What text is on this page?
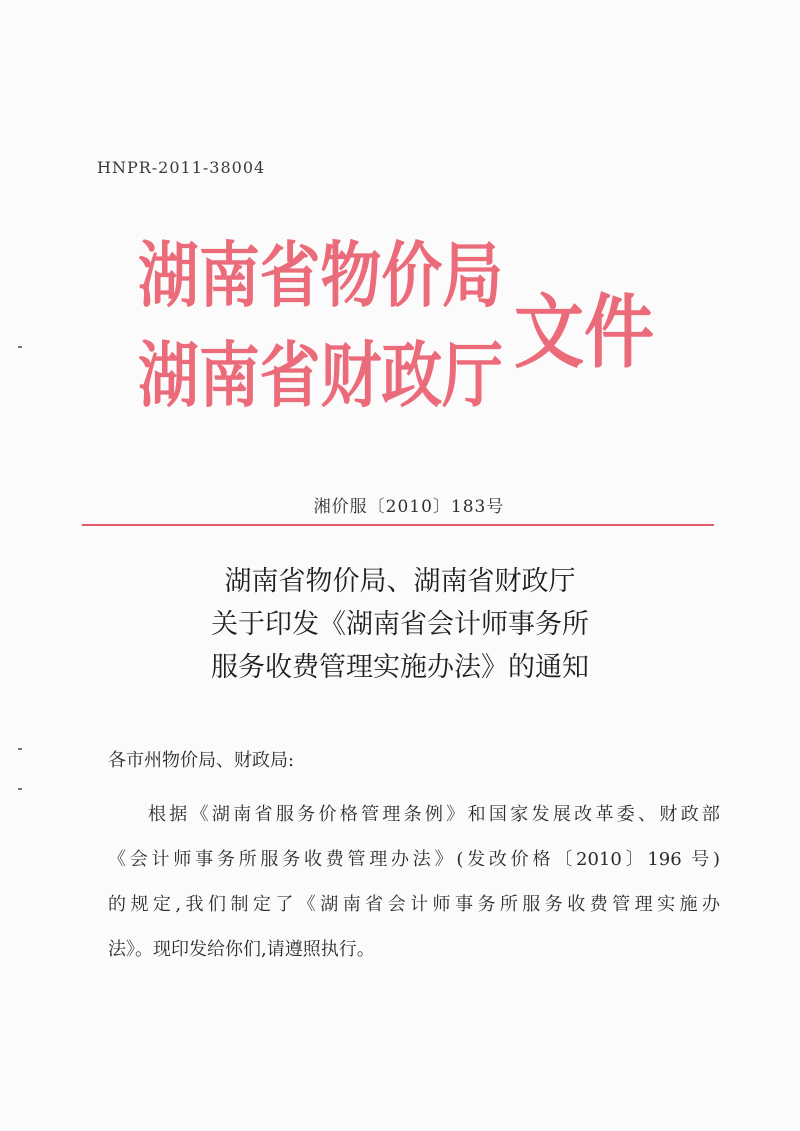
HNPR-2011-38004
湖南省物价局
湖南省财政厅 文件
湘价服〔2010〕183号
湖南省物价局、湖南省财政厅
关于印发《湖南省会计师事务所
服务收费管理实施办法》的通知
各市州物价局、财政局:
根据《湖南省服务价格管理条例》和国家发展改革委、财政部
《会计师事务所服务收费管理办法》(发改价格〔2010〕196 号)
的规定,我们制定了《湖南省会计师事务所服务收费管理实施办
法》。现印发给你们,请遵照执行。
